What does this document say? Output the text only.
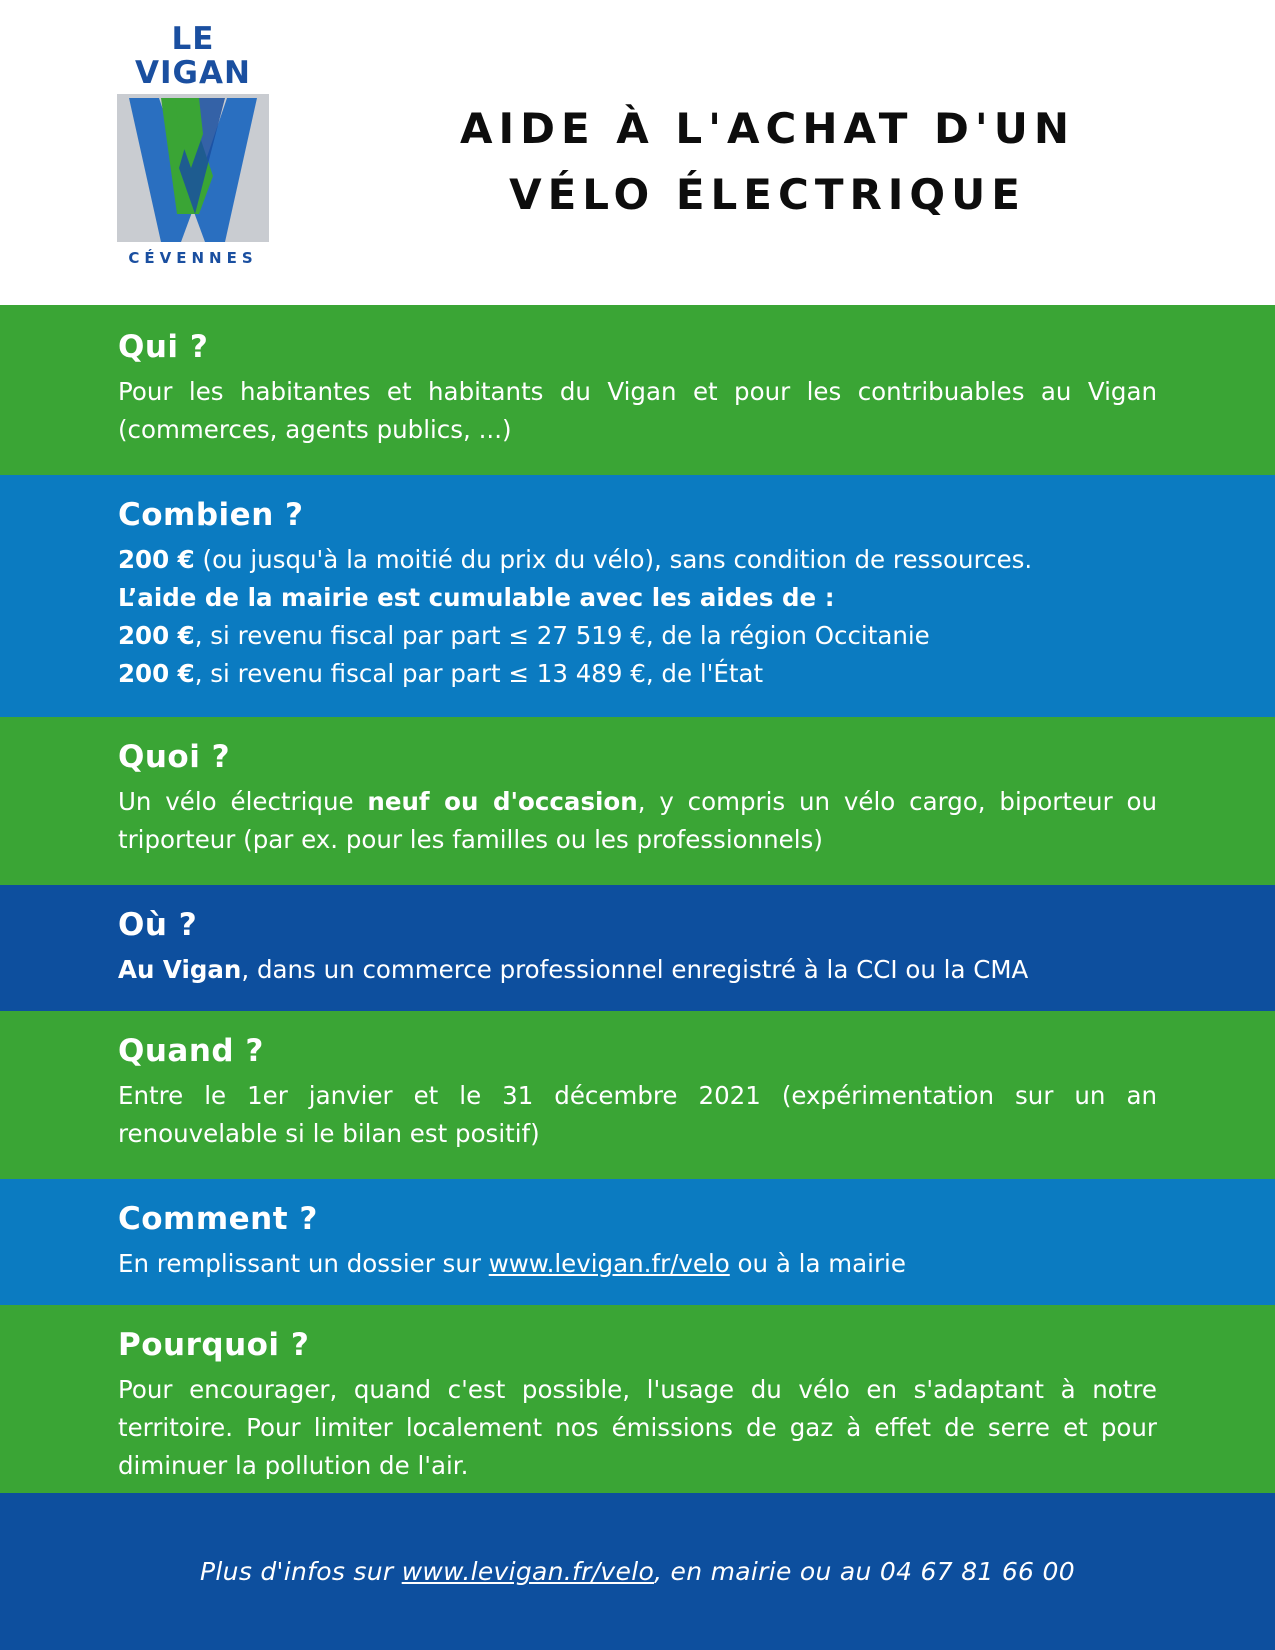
LE VIGAN
CÉVENNES
AIDE À L'ACHAT D'UN
VÉLO ÉLECTRIQUE
Qui ?

Pour les habitantes et habitants du Vigan et pour les contribuables au Vigan (commerces, agents publics, ...)

Combien ?

200 € (ou jusqu'à la moitié du prix du vélo), sans condition de ressources.

L’aide de la mairie est cumulable avec les aides de :

200 €, si revenu fiscal par part ≤ 27 519 €, de la région Occitanie

200 €, si revenu fiscal par part ≤ 13 489 €, de l'État

Quoi ?

Un vélo électrique neuf ou d'occasion, y compris un vélo cargo, biporteur ou triporteur (par ex. pour les familles ou les professionnels)

Où ?

Au Vigan, dans un commerce professionnel enregistré à la CCI ou la CMA

Quand ?

Entre le 1er janvier et le 31 décembre 2021 (expérimentation sur un an renouvelable si le bilan est positif)

Comment ?

En remplissant un dossier sur www.levigan.fr/velo ou à la mairie

Pourquoi ?

Pour encourager, quand c'est possible, l'usage du vélo en s'adaptant à notre territoire. Pour limiter localement nos émissions de gaz à effet de serre et pour diminuer la pollution de l'air.

Plus d'infos sur www.levigan.fr/velo, en mairie ou au 04 67 81 66 00
